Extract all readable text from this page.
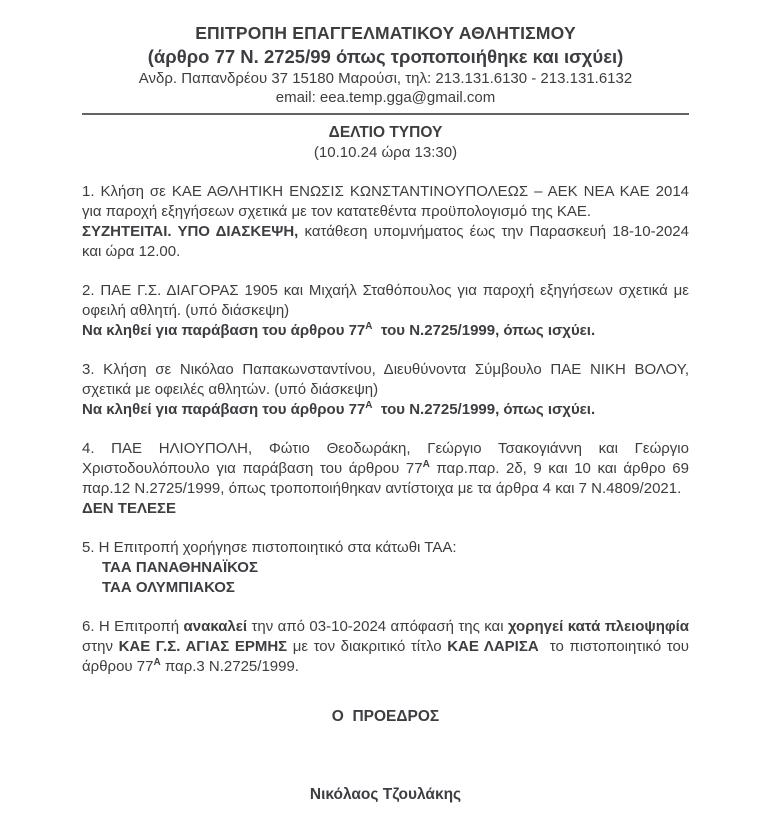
ΕΠΙΤΡΟΠΗ ΕΠΑΓΓΕΛΜΑΤΙΚΟΥ ΑΘΛΗΤΙΣΜΟΥ
(άρθρο 77 Ν. 2725/99 όπως τροποποιήθηκε και ισχύει)
Ανδρ. Παπανδρέου 37 15180 Μαρούσι, τηλ: 213.131.6130 - 213.131.6132
email: eea.temp.gga@gmail.com
ΔΕΛΤΙΟ ΤΥΠΟΥ
(10.10.24 ώρα 13:30)
1. Κλήση σε ΚΑΕ ΑΘΛΗΤΙΚΗ ΕΝΩΣΙΣ ΚΩΝΣΤΑΝΤΙΝΟΥΠΟΛΕΩΣ – ΑΕΚ ΝΕΑ ΚΑΕ 2014 για παροχή εξηγήσεων σχετικά με τον κατατεθέντα προϋπολογισμό της ΚΑΕ.
ΣΥΖΗΤΕΙΤΑΙ. ΥΠΟ ΔΙΑΣΚΕΨΗ, κατάθεση υπομνήματος έως την Παρασκευή 18-10-2024 και ώρα 12.00.
2. ΠΑΕ Γ.Σ. ΔΙΑΓΟΡΑΣ 1905 και Μιχαήλ Σταθόπουλος για παροχή εξηγήσεων σχετικά με οφειλή αθλητή. (υπό διάσκεψη)
Να κληθεί για παράβαση του άρθρου $77^A$  του Ν.2725/1999, όπως ισχύει.
3. Κλήση σε Νικόλαο Παπακωνσταντίνου, Διευθύνοντα Σύμβουλο ΠΑΕ ΝΙΚΗ ΒΟΛΟΥ, σχετικά με οφειλές αθλητών. (υπό διάσκεψη)
Να κληθεί για παράβαση του άρθρου $77^A$  του Ν.2725/1999, όπως ισχύει.
4. ΠΑΕ ΗΛΙΟΥΠΟΛΗ, Φώτιο Θεοδωράκη, Γεώργιο Τσακογιάννη και Γεώργιο Χριστοδουλόπουλο για παράβαση του άρθρου $77^A$ παρ.παρ. 2δ, 9 και 10 και άρθρο 69 παρ.12 Ν.2725/1999, όπως τροποποιήθηκαν αντίστοιχα με τα άρθρα 4 και 7 Ν.4809/2021.
ΔΕΝ ΤΕΛΕΣΕ
5. Η Επιτροπή χορήγησε πιστοποιητικό στα κάτωθι ΤΑΑ:
ΤΑΑ ΠΑΝΑΘΗΝΑΪΚΟΣ
ΤΑΑ ΟΛΥΜΠΙΑΚΟΣ
6. Η Επιτροπή ανακαλεί την από 03-10-2024 απόφασή της και χορηγεί κατά πλειοψηφία στην ΚΑΕ Γ.Σ. ΑΓΙΑΣ ΕΡΜΗΣ με τον διακριτικό τίτλο ΚΑΕ ΛΑΡΙΣΑ  το πιστοποιητικό του άρθρου $77^A$ παρ.3 Ν.2725/1999.
Ο  ΠΡΟΕΔΡΟΣ
Νικόλαος Τζουλάκης
